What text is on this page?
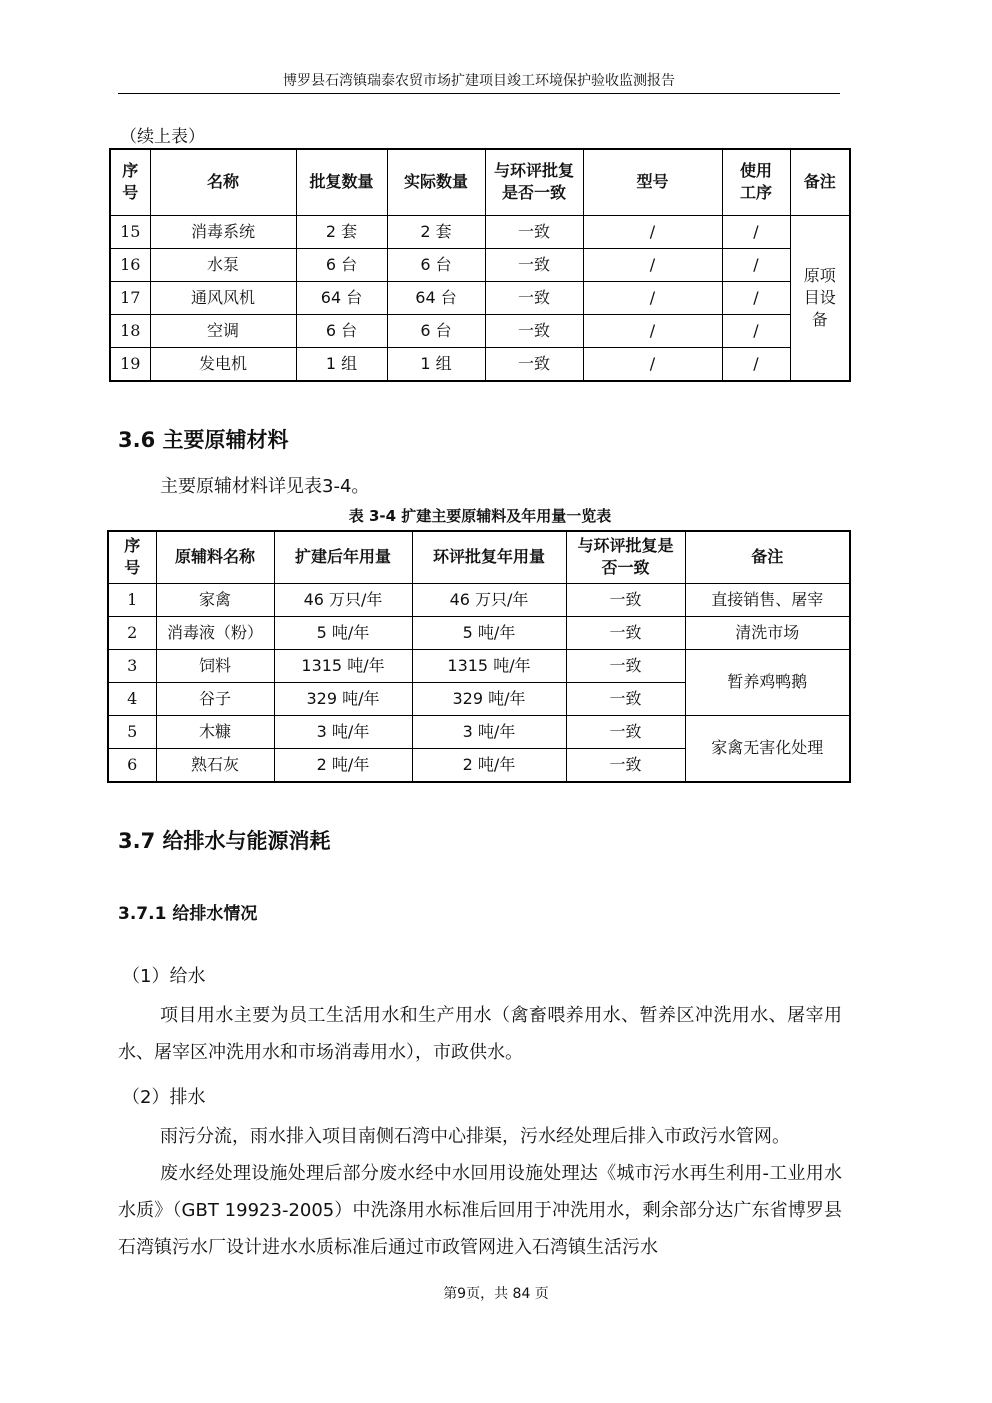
博罗县石湾镇瑞泰农贸市场扩建项目竣工环境保护验收监测报告
（续上表）
序号	名称	批复数量	实际数量	与环评批复是否一致	型号	使用工序	备注
15	消毒系统	2 套	2 套	一致	/	/	原项目设备
16	水泵	6 台	6 台	一致	/	/	
17	通风风机	64 台	64 台	一致	/	/	
18	空调	6 台	6 台	一致	/	/	
19	发电机	1 组	1 组	一致	/	/	
3.6 主要原辅材料
主要原辅材料详见表3-4。
表 3-4 扩建主要原辅料及年用量一览表
序号	原辅料名称	扩建后年用量	环评批复年用量	与环评批复是否一致	备注
1	家禽	46 万只/年	46 万只/年	一致	直接销售、屠宰
2	消毒液（粉）	5 吨/年	5 吨/年	一致	清洗市场
3	饲料	1315 吨/年	1315 吨/年	一致	暂养鸡鸭鹅
4	谷子	329 吨/年	329 吨/年	一致	
5	木糠	3 吨/年	3 吨/年	一致	家禽无害化处理
6	熟石灰	2 吨/年	2 吨/年	一致	
3.7 给排水与能源消耗
3.7.1 给排水情况
（1）给水
项目用水主要为员工生活用水和生产用水（禽畜喂养用水、暂养区冲洗用水、屠宰用水、屠宰区冲洗用水和市场消毒用水），市政供水。
（2）排水
雨污分流，雨水排入项目南侧石湾中心排渠，污水经处理后排入市政污水管网。
废水经处理设施处理后部分废水经中水回用设施处理达《城市污水再生利用-工业用水水质》（GBT 19923-2005）中洗涤用水标准后回用于冲洗用水，剩余部分达广东省博罗县石湾镇污水厂设计进水水质标准后通过市政管网进入石湾镇生活污水
第9页，共 84 页
